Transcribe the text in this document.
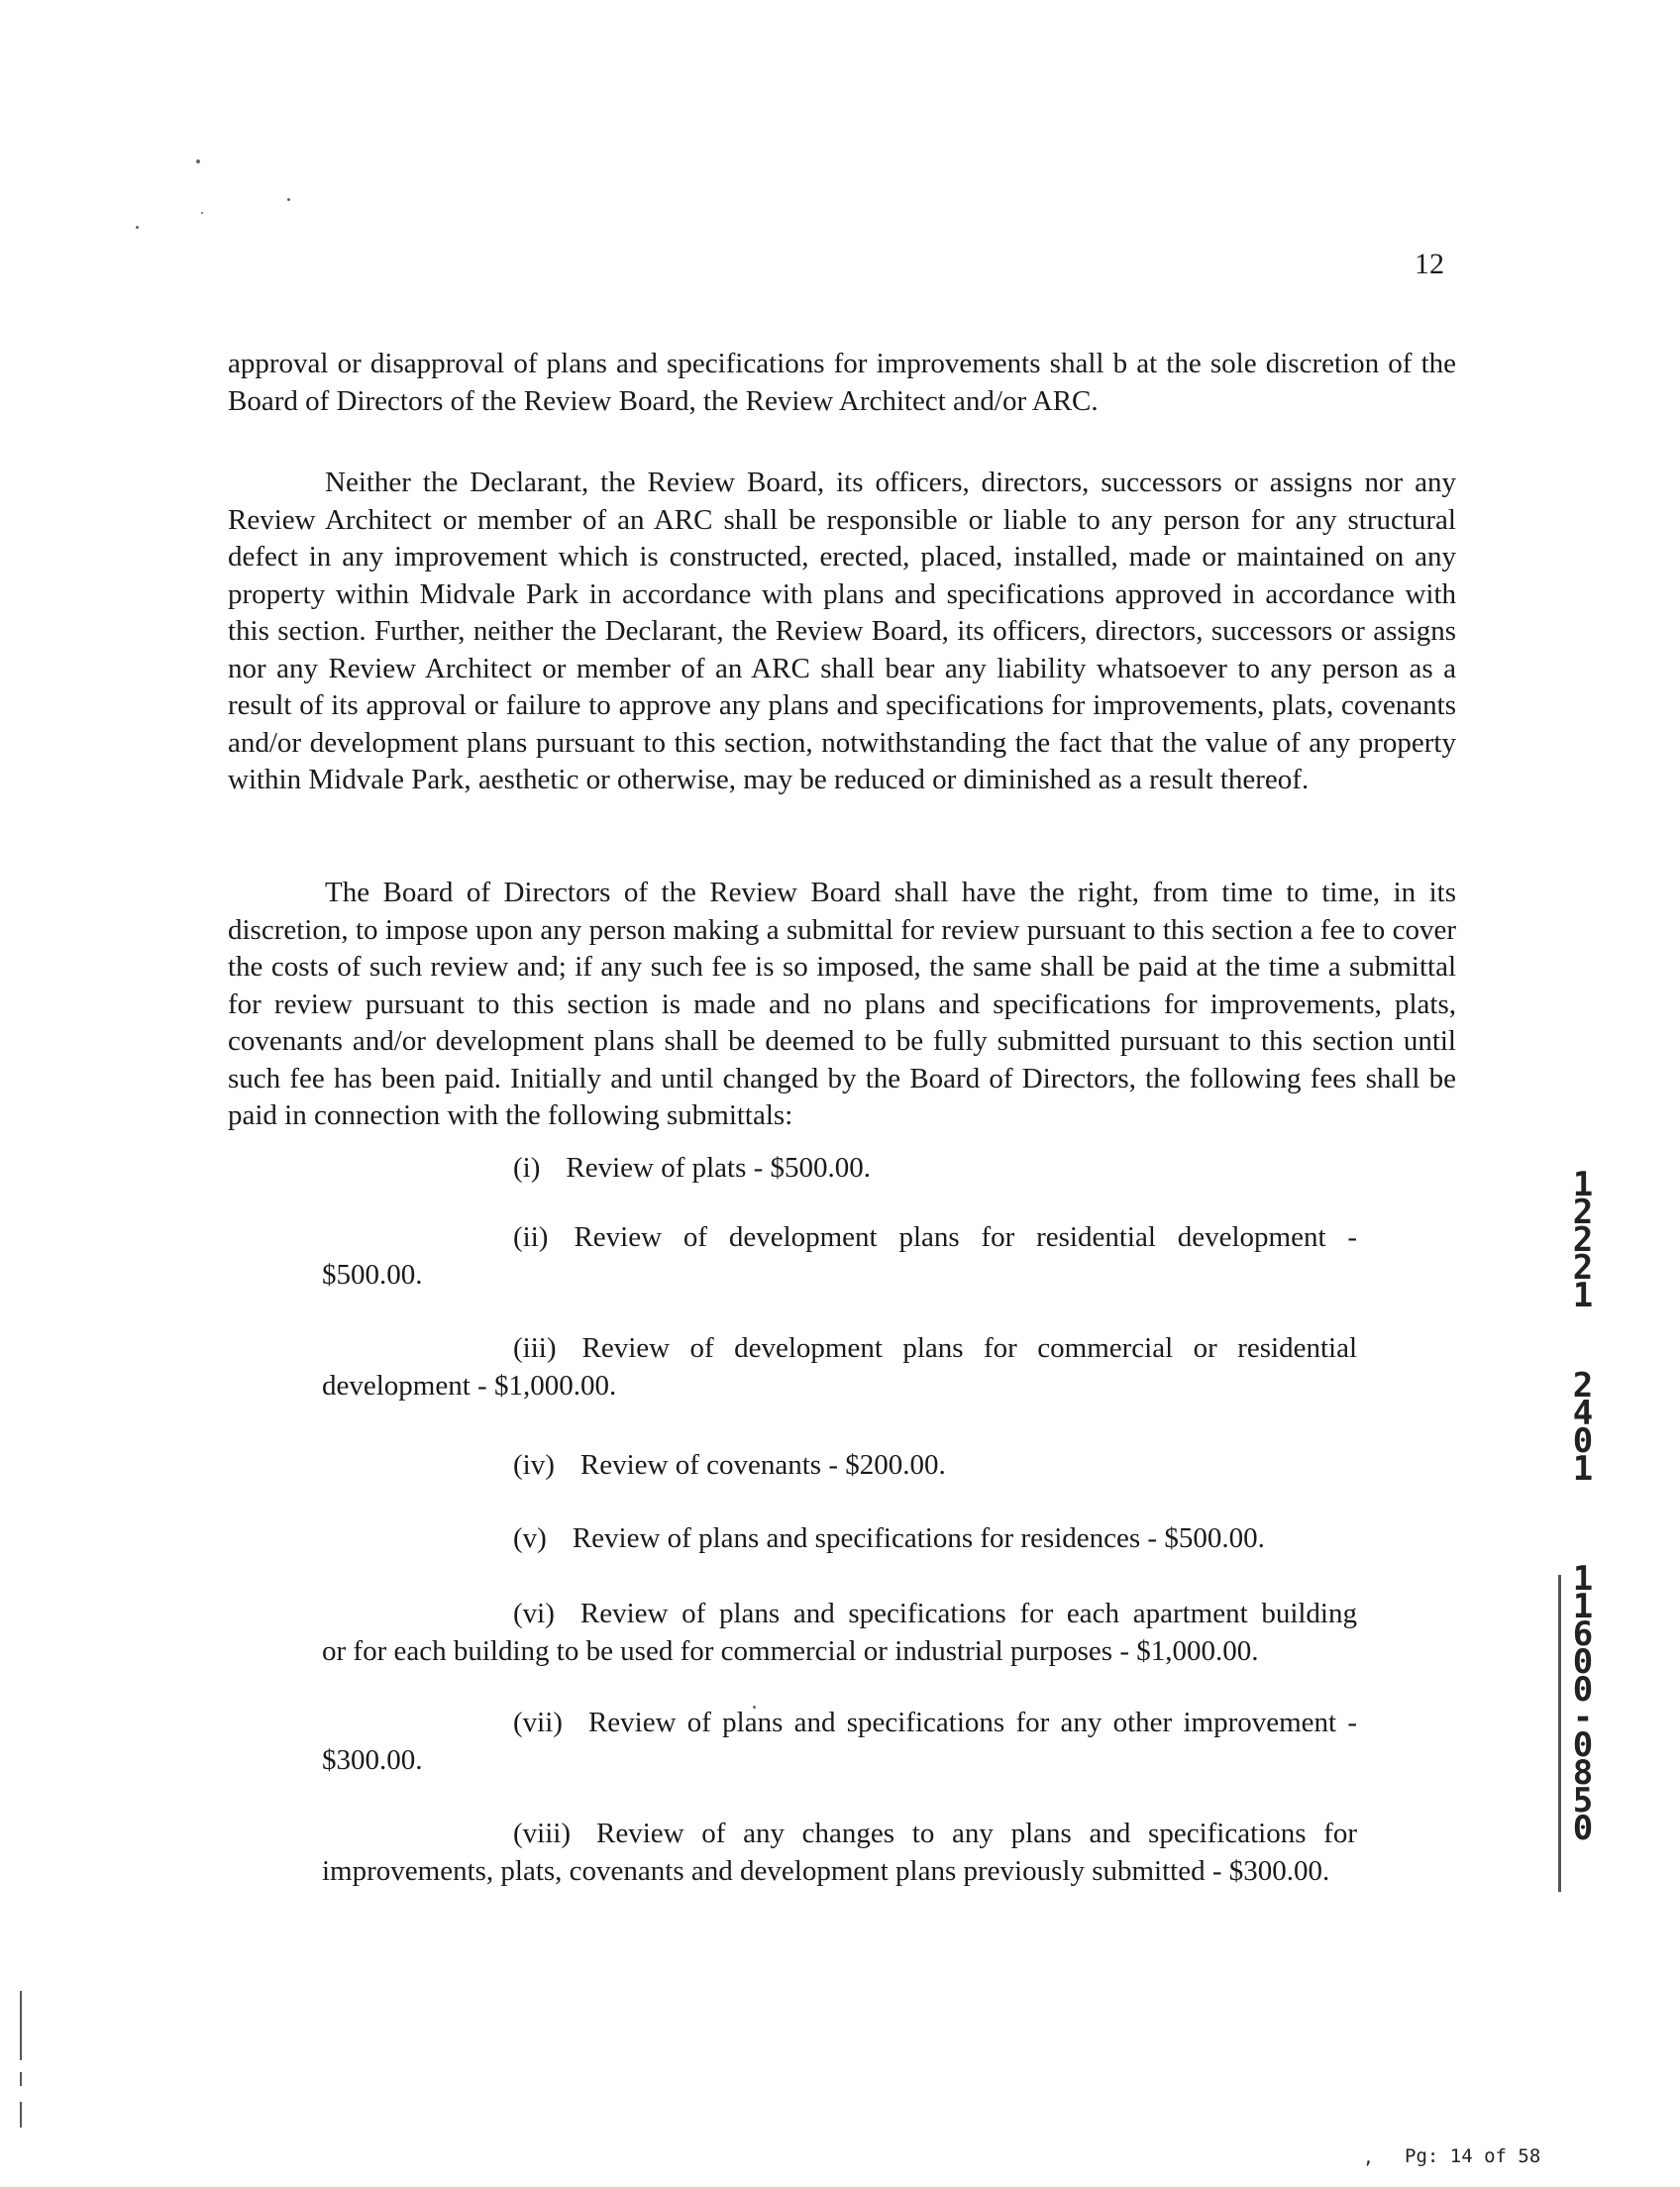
12

approval or disapproval of plans and specifications for improvements shall b at the sole discretion of the Board of Directors of the Review Board, the Review Architect and/or ARC.

Neither the Declarant, the Review Board, its officers, directors, successors or assigns nor any Review Architect or member of an ARC shall be responsible or liable to any person for any structural defect in any improvement which is constructed, erected, placed, installed, made or maintained on any property within Midvale Park in accordance with plans and specifications approved in accordance with this section. Further, neither the Declarant, the Review Board, its officers, directors, successors or assigns nor any Review Architect or member of an ARC shall bear any liability whatsoever to any person as a result of its approval or failure to approve any plans and specifications for improvements, plats, covenants and/or development plans pursuant to this section, notwithstanding the fact that the value of any property within Midvale Park, aesthetic or otherwise, may be reduced or diminished as a result thereof.

The Board of Directors of the Review Board shall have the right, from time to time, in its discretion, to impose upon any person making a submittal for review pursuant to this section a fee to cover the costs of such review and; if any such fee is so imposed, the same shall be paid at the time a submittal for review pursuant to this section is made and no plans and specifications for improvements, plats, covenants and/or development plans shall be deemed to be fully submitted pursuant to this section until such fee has been paid. Initially and until changed by the Board of Directors, the following fees shall be paid in connection with the following submittals:

(i) Review of plats - $500.00.
(ii) Review of development plans for residential development -
$500.00.
(iii) Review of development plans for commercial or residential
development - $1,000.00.
(iv) Review of covenants - $200.00.
(v) Review of plans and specifications for residences - $500.00.
(vi) Review of plans and specifications for each apartment building
or for each building to be used for commercial or industrial purposes - $1,000.00.
(vii) Review of plans and specifications for any other improvement -
$300.00.
(viii) Review of any changes to any plans and specifications for
improvements, plats, covenants and development plans previously submitted - $300.00.
12221
2401
11600-0850
, Pg: 14 of 58
